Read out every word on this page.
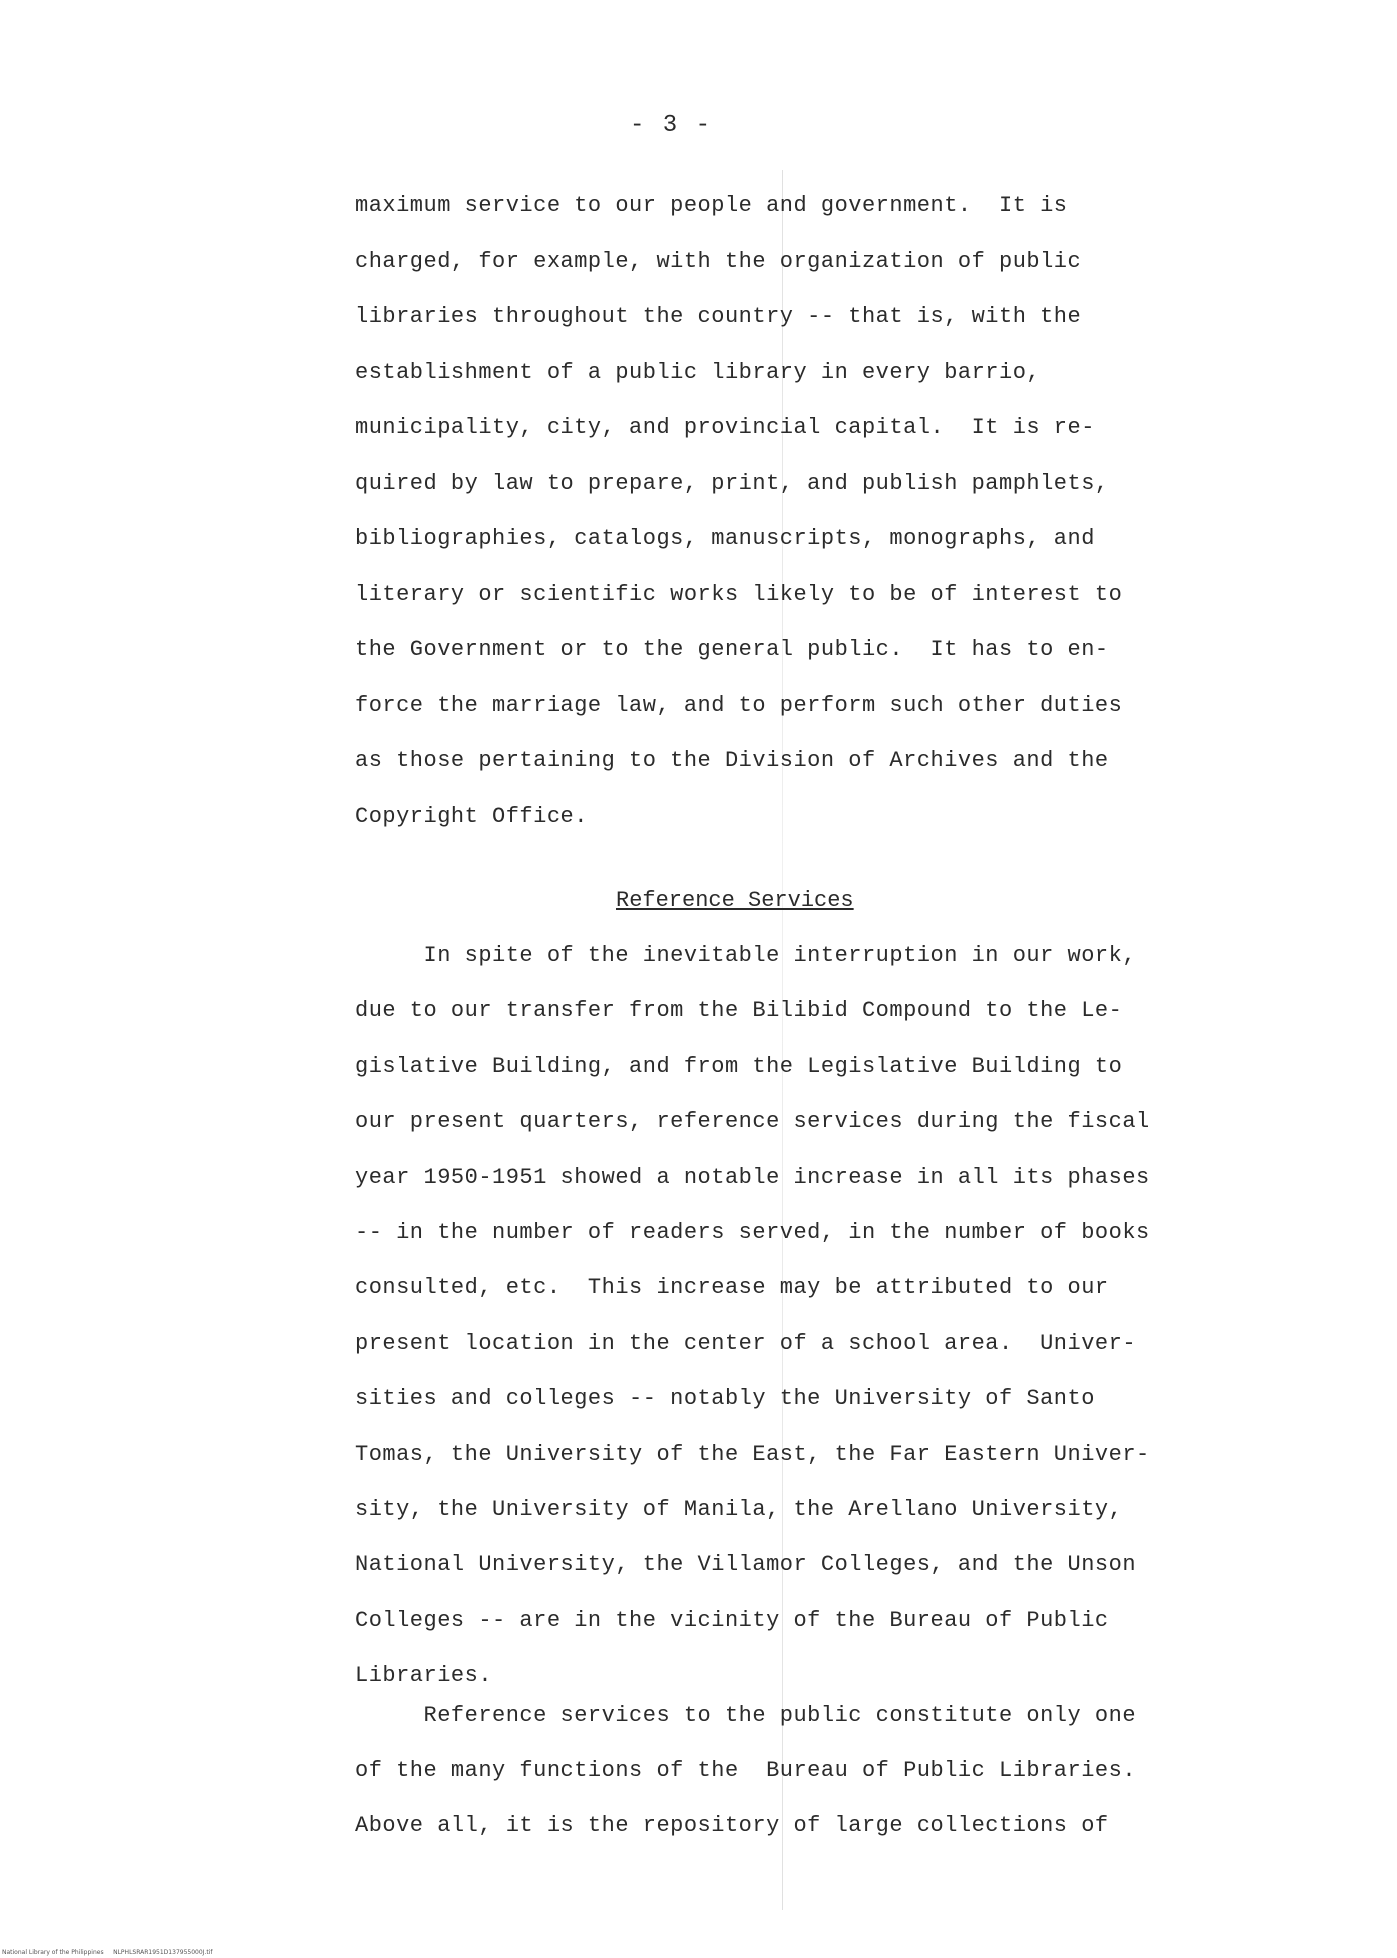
- 3 -
maximum service to our people and government.  It is
charged, for example, with the organization of public
libraries throughout the country -- that is, with the
establishment of a public library in every barrio,
municipality, city, and provincial capital.  It is re-
quired by law to prepare, print, and publish pamphlets,
bibliographies, catalogs, manuscripts, monographs, and
literary or scientific works likely to be of interest to
the Government or to the general public.  It has to en-
force the marriage law, and to perform such other duties
as those pertaining to the Division of Archives and the
Copyright Office.
Reference Services
In spite of the inevitable interruption in our work,
due to our transfer from the Bilibid Compound to the Le-
gislative Building, and from the Legislative Building to
our present quarters, reference services during the fiscal
year 1950-1951 showed a notable increase in all its phases
-- in the number of readers served, in the number of books
consulted, etc.  This increase may be attributed to our
present location in the center of a school area.  Univer-
sities and colleges -- notably the University of Santo
Tomas, the University of the East, the Far Eastern Univer-
sity, the University of Manila, the Arellano University,
National University, the Villamor Colleges, and the Unson
Colleges -- are in the vicinity of the Bureau of Public
Libraries.
Reference services to the public constitute only one
of the many functions of the  Bureau of Public Libraries.
Above all, it is the repository of large collections of
National Library of the Philippines     NLPHLSRAR1951D137955000J.tif
